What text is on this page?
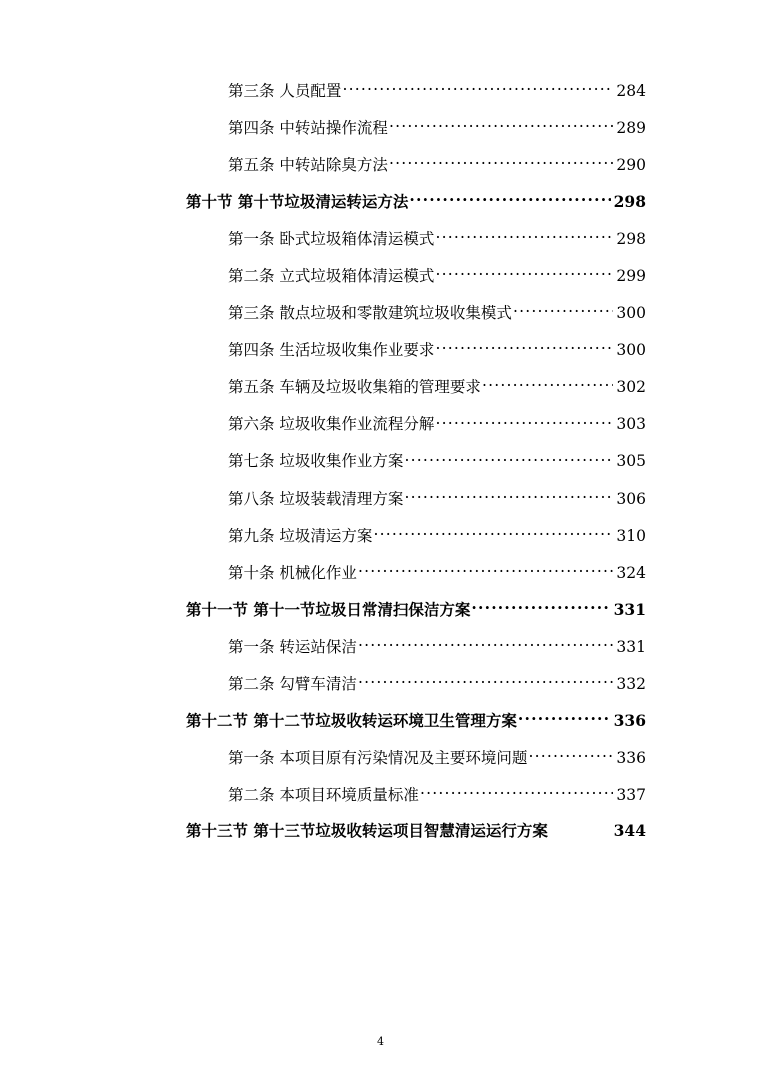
第三条 人员配置 .....	284
第四条 中转站操作流程 .....	289
第五条 中转站除臭方法 .....	290
第十节 第十节垃圾清运转运方法 .....	298
第一条 卧式垃圾箱体清运模式 .....	298
第二条 立式垃圾箱体清运模式 .....	299
第三条 散点垃圾和零散建筑垃圾收集模式 .....	300
第四条 生活垃圾收集作业要求 .....	300
第五条 车辆及垃圾收集箱的管理要求 .....	302
第六条 垃圾收集作业流程分解 .....	303
第七条 垃圾收集作业方案 .....	305
第八条 垃圾装载清理方案 .....	306
第九条 垃圾清运方案 .....	310
第十条 机械化作业 .....	324
第十一节 第十一节垃圾日常清扫保洁方案 .....	331
第一条 转运站保洁 .....	331
第二条 勾臂车清洁 .....	332
第十二节 第十二节垃圾收转运环境卫生管理方案 .....	336
第一条 本项目原有污染情况及主要环境问题 .....	336
第二条 本项目环境质量标准 .....	337
第十三节 第十三节垃圾收转运项目智慧清运运行方案	344
4
